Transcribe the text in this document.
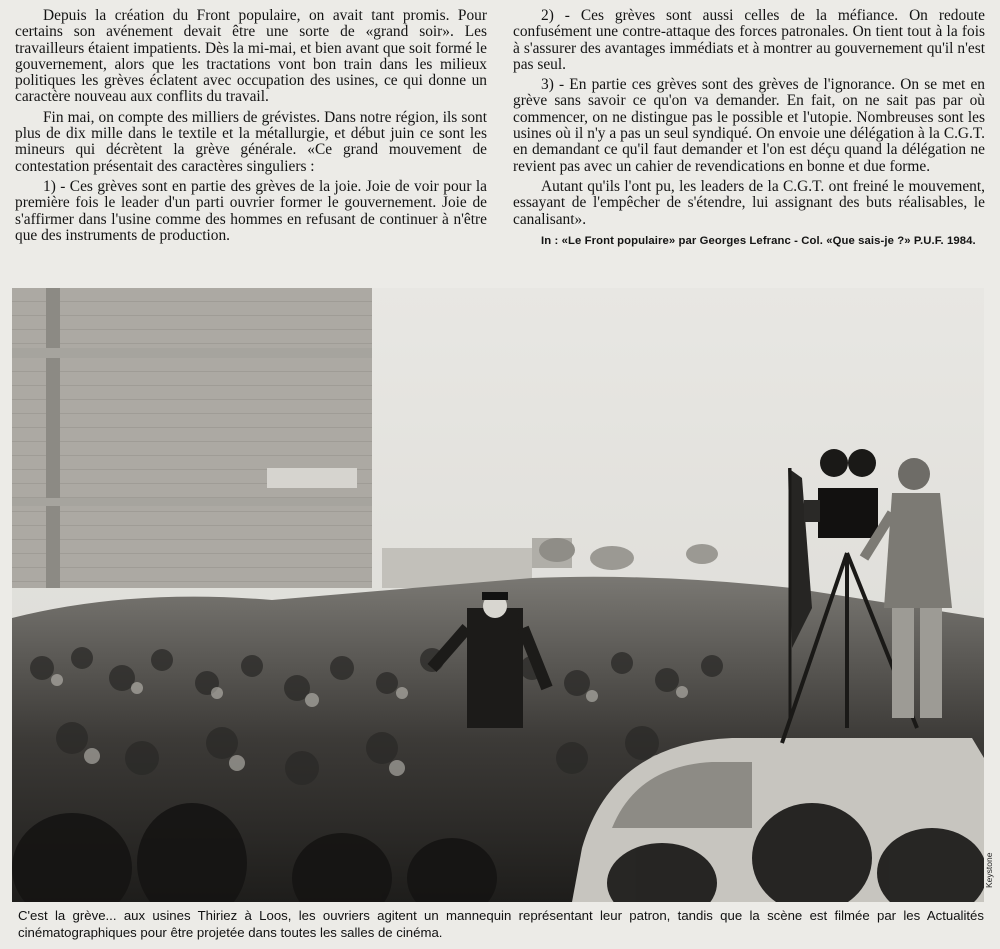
Depuis la création du Front populaire, on avait tant promis. Pour certains son avénement devait être une sorte de «grand soir». Les travailleurs étaient impatients. Dès la mi-mai, et bien avant que soit formé le gouvernement, alors que les tractations vont bon train dans les milieux politiques les grèves éclatent avec occupation des usines, ce qui donne un caractère nouveau aux conflits du travail.

Fin mai, on compte des milliers de grévistes. Dans notre région, ils sont plus de dix mille dans le textile et la métallurgie, et début juin ce sont les mineurs qui décrètent la grève générale. «Ce grand mouvement de contestation présentait des caractères singuliers :

1) - Ces grèves sont en partie des grèves de la joie. Joie de voir pour la première fois le leader d'un parti ouvrier former le gouvernement. Joie de s'affirmer dans l'usine comme des hommes en refusant de continuer à n'être que des instruments de production.

2) - Ces grèves sont aussi celles de la méfiance. On redoute confusément une contre-attaque des forces patronales. On tient tout à la fois à s'assurer des avantages immédiats et à montrer au gouvernement qu'il n'est pas seul.

3) - En partie ces grèves sont des grèves de l'ignorance. On se met en grève sans savoir ce qu'on va demander. En fait, on ne sait pas par où commencer, on ne distingue pas le possible et l'utopie. Nombreuses sont les usines où il n'y a pas un seul syndiqué. On envoie une délégation à la C.G.T. en demandant ce qu'il faut demander et l'on est déçu quand la délégation ne revient pas avec un cahier de revendications en bonne et due forme.

Autant qu'ils l'ont pu, les leaders de la C.G.T. ont freiné le mouvement, essayant de l'empêcher de s'étendre, lui assignant des buts réalisables, le canalisant».

In : «Le Front populaire» par Georges Lefranc - Col. «Que sais-je ?» P.U.F. 1984.
Keystone
C'est la grève... aux usines Thiriez à Loos, les ouvriers agitent un mannequin représentant leur patron, tandis que la scène est filmée par les Actualités cinématographiques pour être projetée dans toutes les salles de cinéma.
